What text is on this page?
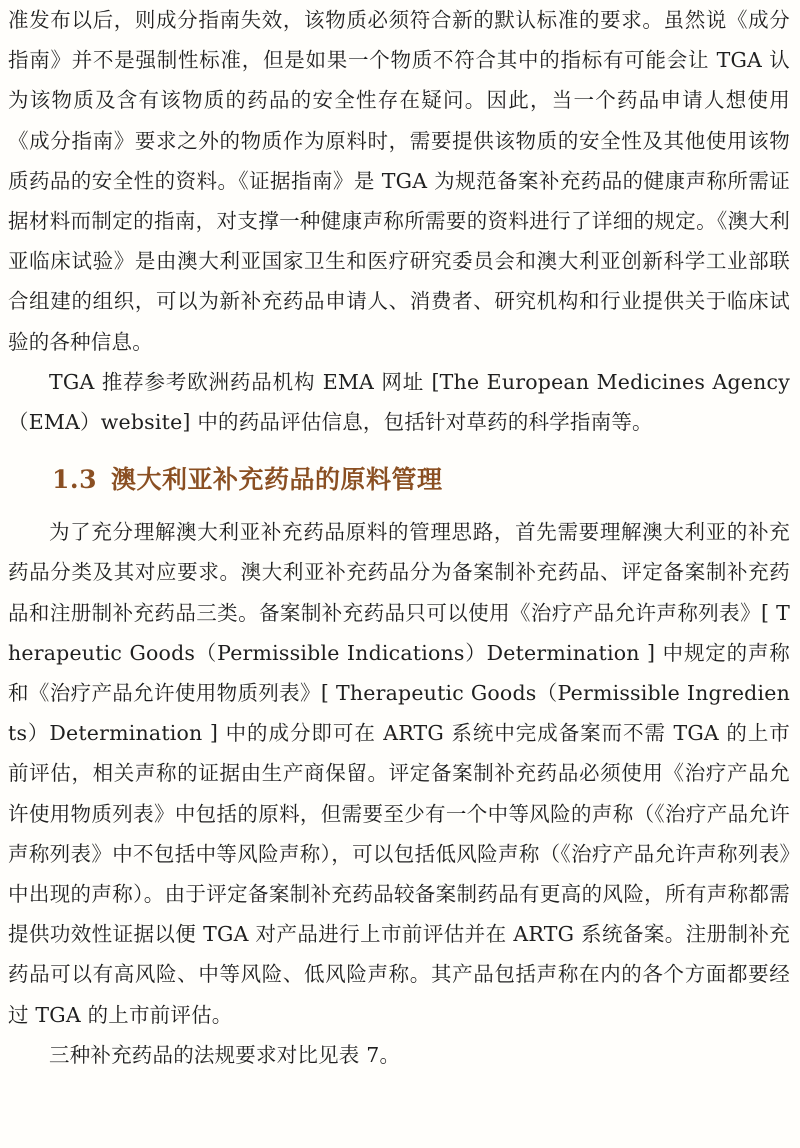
准发布以后，则成分指南失效，该物质必须符合新的默认标准的要求。虽然说《成分指南》并不是强制性标准，但是如果一个物质不符合其中的指标有可能会让 TGA 认为该物质及含有该物质的药品的安全性存在疑问。因此，当一个药品申请人想使用《成分指南》要求之外的物质作为原料时，需要提供该物质的安全性及其他使用该物质药品的安全性的资料。《证据指南》是 TGA 为规范备案补充药品的健康声称所需证据材料而制定的指南，对支撑一种健康声称所需要的资料进行了详细的规定。《澳大利亚临床试验》是由澳大利亚国家卫生和医疗研究委员会和澳大利亚创新科学工业部联合组建的组织，可以为新补充药品申请人、消费者、研究机构和行业提供关于临床试验的各种信息。

TGA 推荐参考欧洲药品机构 EMA 网址 [The European Medicines Agency（EMA）website] 中的药品评估信息，包括针对草药的科学指南等。

1.3 澳大利亚补充药品的原料管理

为了充分理解澳大利亚补充药品原料的管理思路，首先需要理解澳大利亚的补充药品分类及其对应要求。澳大利亚补充药品分为备案制补充药品、评定备案制补充药品和注册制补充药品三类。备案制补充药品只可以使用《治疗产品允许声称列表》[ Therapeutic Goods（Permissible Indications）Determination ] 中规定的声称和《治疗产品允许使用物质列表》[ Therapeutic Goods（Permissible Ingredients）Determination ] 中的成分即可在 ARTG 系统中完成备案而不需 TGA 的上市前评估，相关声称的证据由生产商保留。评定备案制补充药品必须使用《治疗产品允许使用物质列表》中包括的原料，但需要至少有一个中等风险的声称（《治疗产品允许声称列表》中不包括中等风险声称），可以包括低风险声称（《治疗产品允许声称列表》中出现的声称）。由于评定备案制补充药品较备案制药品有更高的风险，所有声称都需提供功效性证据以便 TGA 对产品进行上市前评估并在 ARTG 系统备案。注册制补充药品可以有高风险、中等风险、低风险声称。其产品包括声称在内的各个方面都要经过 TGA 的上市前评估。

三种补充药品的法规要求对比见表 7。
